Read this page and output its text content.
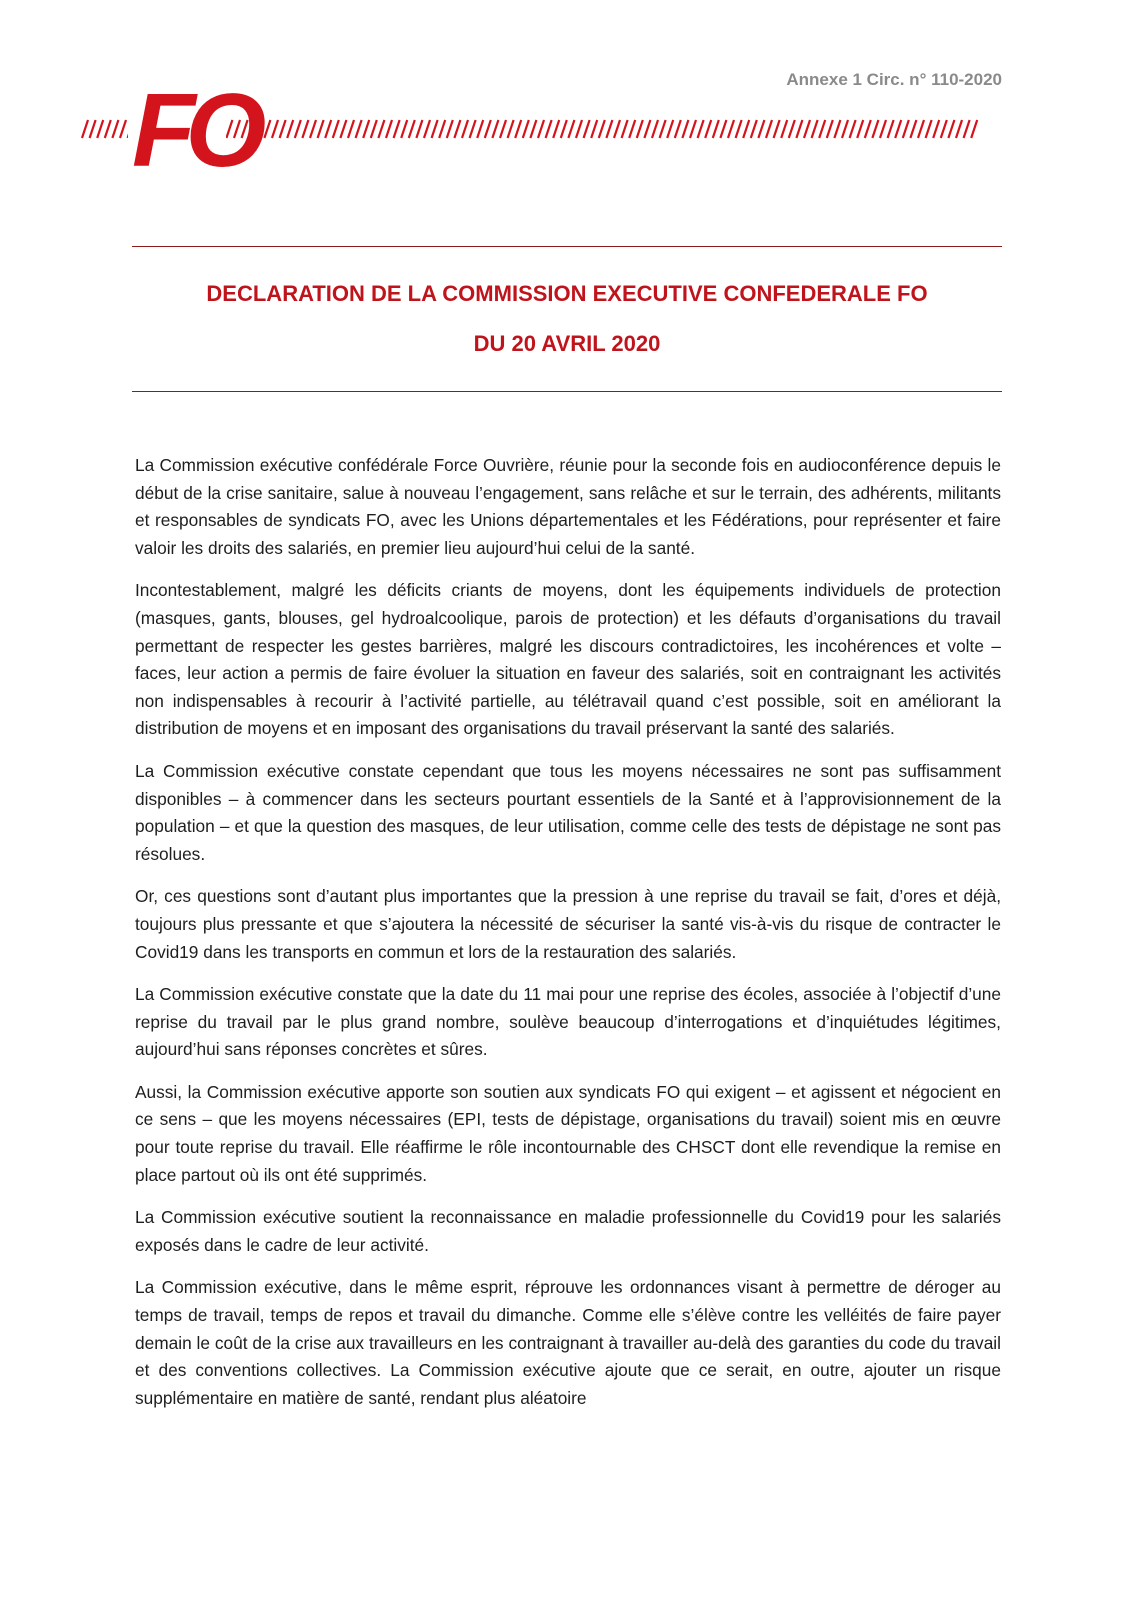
Annexe 1 Circ. n° 110-2020
FO
DECLARATION DE LA COMMISSION EXECUTIVE CONFEDERALE FO
DU 20 AVRIL 2020

La Commission exécutive confédérale Force Ouvrière, réunie pour la seconde fois en audioconférence depuis le début de la crise sanitaire, salue à nouveau l’engagement, sans relâche et sur le terrain, des adhérents, militants et responsables de syndicats FO, avec les Unions départementales et les Fédérations, pour représenter et faire valoir les droits des salariés, en premier lieu aujourd’hui celui de la santé.

Incontestablement, malgré les déficits criants de moyens, dont les équipements individuels de protection (masques, gants, blouses, gel hydroalcoolique, parois de protection) et les défauts d’organisations du travail permettant de respecter les gestes barrières, malgré les discours contradictoires, les incohérences et volte – faces, leur action a permis de faire évoluer la situation en faveur des salariés, soit en contraignant les activités non indispensables à recourir à l’activité partielle, au télétravail quand c’est possible, soit en améliorant la distribution de moyens et en imposant des organisations du travail préservant la santé des salariés.

La Commission exécutive constate cependant que tous les moyens nécessaires ne sont pas suffisamment disponibles – à commencer dans les secteurs pourtant essentiels de la Santé et à l’approvisionnement de la population – et que la question des masques, de leur utilisation, comme celle des tests de dépistage ne sont pas résolues.

Or, ces questions sont d’autant plus importantes que la pression à une reprise du travail se fait, d’ores et déjà, toujours plus pressante et que s’ajoutera la nécessité de sécuriser la santé vis-à-vis du risque de contracter le Covid19 dans les transports en commun et lors de la restauration des salariés.

La Commission exécutive constate que la date du 11 mai pour une reprise des écoles, associée à l’objectif d’une reprise du travail par le plus grand nombre, soulève beaucoup d’interrogations et d’inquiétudes légitimes, aujourd’hui sans réponses concrètes et sûres.

Aussi, la Commission exécutive apporte son soutien aux syndicats FO qui exigent – et agissent et négocient en ce sens – que les moyens nécessaires (EPI, tests de dépistage, organisations du travail) soient mis en œuvre pour toute reprise du travail. Elle réaffirme le rôle incontournable des CHSCT dont elle revendique la remise en place partout où ils ont été supprimés.

La Commission exécutive soutient la reconnaissance en maladie professionnelle du Covid19 pour les salariés exposés dans le cadre de leur activité.

La Commission exécutive, dans le même esprit, réprouve les ordonnances visant à permettre de déroger au temps de travail, temps de repos et travail du dimanche. Comme elle s’élève contre les velléités de faire payer demain le coût de la crise aux travailleurs en les contraignant à travailler au-delà des garanties du code du travail et des conventions collectives. La Commission exécutive ajoute que ce serait, en outre, ajouter un risque supplémentaire en matière de santé, rendant plus aléatoire
